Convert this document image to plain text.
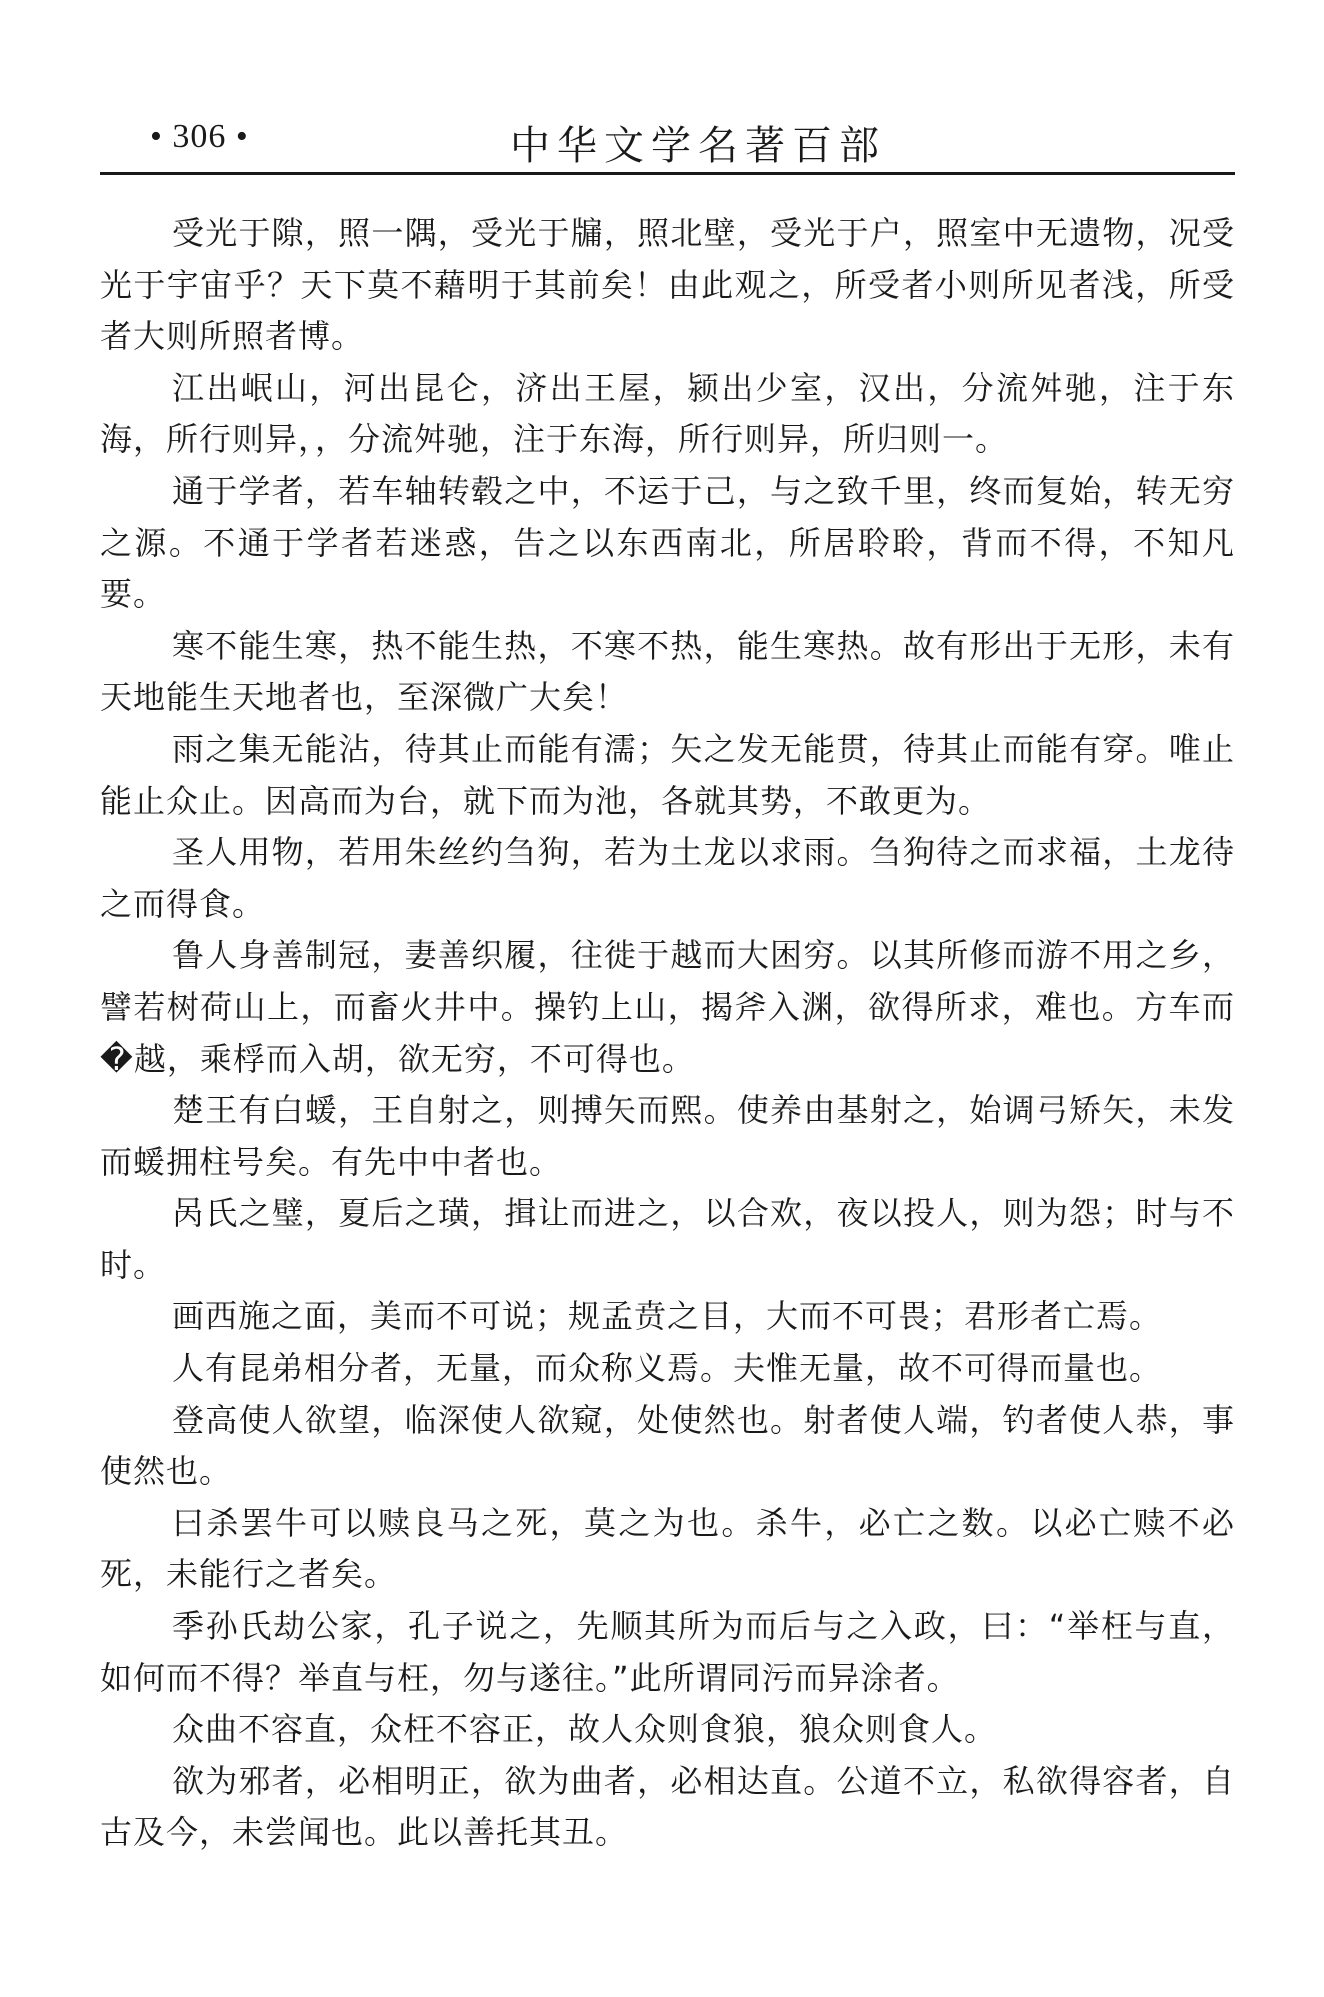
• 306 •	中华文学名著百部

受光于隙，照一隅，受光于牖，照北壁，受光于户，照室中无遗物，况受光于宇宙乎？天下莫不藉明于其前矣！由此观之，所受者小则所见者浅，所受者大则所照者博。

江出岷山，河出昆仑，济出王屋，颍出少室，汉出，分流舛驰，注于东海，所行则异，，分流舛驰，注于东海，所行则异，所归则一。

通于学者，若车轴转毂之中，不运于己，与之致千里，终而复始，转无穷之源。不通于学者若迷惑，告之以东西南北，所居聆聆，背而不得，不知凡要。

寒不能生寒，热不能生热，不寒不热，能生寒热。故有形出于无形，未有天地能生天地者也，至深微广大矣！

雨之集无能沾，待其止而能有濡；矢之发无能贯，待其止而能有穿。唯止能止众止。因高而为台，就下而为池，各就其势，不敢更为。

圣人用物，若用朱丝约刍狗，若为土龙以求雨。刍狗待之而求福，土龙待之而得食。

鲁人身善制冠，妻善织履，往徙于越而大困穷。以其所修而游不用之乡，譬若树荷山上，而畜火井中。操钓上山，揭斧入渊，欲得所求，难也。方车而�越，乘桴而入胡，欲无穷，不可得也。

楚王有白蝯，王自射之，则搏矢而熙。使养由基射之，始调弓矫矢，未发而蝯拥柱号矣。有先中中者也。

呙氏之璧，夏后之璜，揖让而进之，以合欢，夜以投人，则为怨；时与不时。

画西施之面，美而不可说；规孟贲之目，大而不可畏；君形者亡焉。

人有昆弟相分者，无量，而众称义焉。夫惟无量，故不可得而量也。

登高使人欲望，临深使人欲窥，处使然也。射者使人端，钓者使人恭，事使然也。

曰杀罢牛可以赎良马之死，莫之为也。杀牛，必亡之数。以必亡赎不必死，未能行之者矣。

季孙氏劫公家，孔子说之，先顺其所为而后与之入政，曰：“举枉与直，如何而不得？举直与枉，勿与遂往。”此所谓同污而异涂者。

众曲不容直，众枉不容正，故人众则食狼，狼众则食人。

欲为邪者，必相明正，欲为曲者，必相达直。公道不立，私欲得容者，自古及今，未尝闻也。此以善托其丑。
